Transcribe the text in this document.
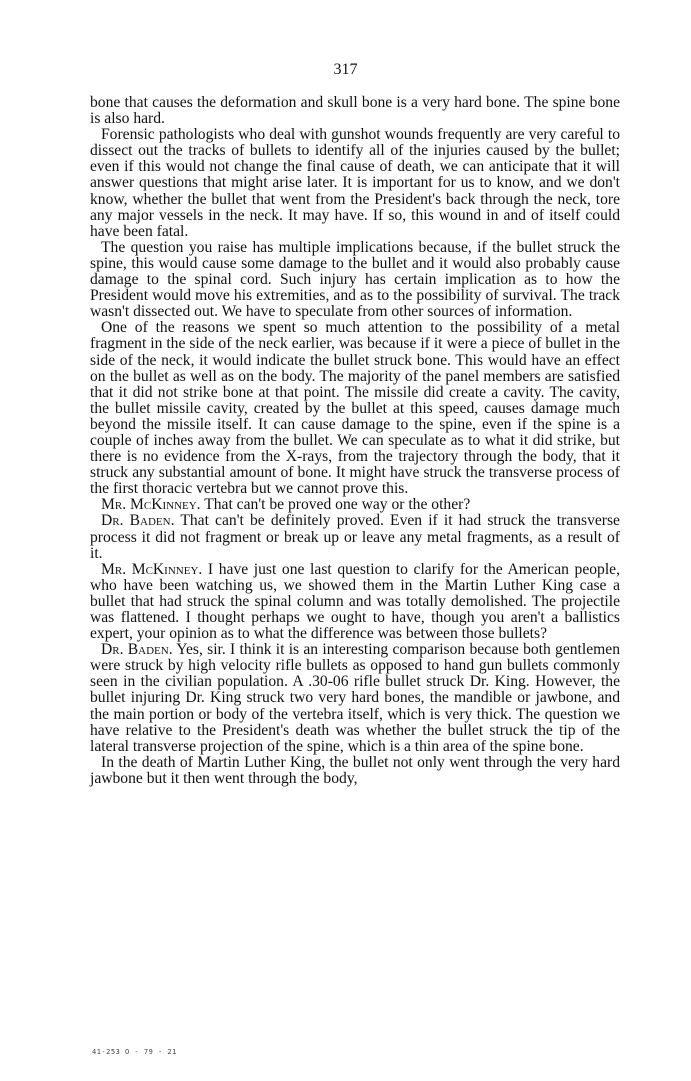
317

bone that causes the deformation and skull bone is a very hard bone. The spine bone is also hard.

Forensic pathologists who deal with gunshot wounds frequently are very careful to dissect out the tracks of bullets to identify all of the injuries caused by the bullet; even if this would not change the final cause of death, we can anticipate that it will answer questions that might arise later. It is important for us to know, and we don't know, whether the bullet that went from the President's back through the neck, tore any major vessels in the neck. It may have. If so, this wound in and of itself could have been fatal.

The question you raise has multiple implications because, if the bullet struck the spine, this would cause some damage to the bullet and it would also probably cause damage to the spinal cord. Such injury has certain implication as to how the President would move his extremities, and as to the possibility of survival. The track wasn't dissected out. We have to speculate from other sources of information.

One of the reasons we spent so much attention to the possibility of a metal fragment in the side of the neck earlier, was because if it were a piece of bullet in the side of the neck, it would indicate the bullet struck bone. This would have an effect on the bullet as well as on the body. The majority of the panel members are satisfied that it did not strike bone at that point. The missile did create a cavity. The cavity, the bullet missile cavity, created by the bullet at this speed, causes damage much beyond the missile itself. It can cause damage to the spine, even if the spine is a couple of inches away from the bullet. We can speculate as to what it did strike, but there is no evidence from the X-rays, from the trajectory through the body, that it struck any substantial amount of bone. It might have struck the transverse process of the first thoracic vertebra but we cannot prove this.

Mr. McKinney. That can't be proved one way or the other?

Dr. Baden. That can't be definitely proved. Even if it had struck the transverse process it did not fragment or break up or leave any metal fragments, as a result of it.

Mr. McKinney. I have just one last question to clarify for the American people, who have been watching us, we showed them in the Martin Luther King case a bullet that had struck the spinal column and was totally demolished. The projectile was flattened. I thought perhaps we ought to have, though you aren't a ballistics expert, your opinion as to what the difference was between those bullets?

Dr. Baden. Yes, sir. I think it is an interesting comparison because both gentlemen were struck by high velocity rifle bullets as opposed to hand gun bullets commonly seen in the civilian population. A .30-06 rifle bullet struck Dr. King. However, the bullet injuring Dr. King struck two very hard bones, the mandible or jawbone, and the main portion or body of the vertebra itself, which is very thick. The question we have relative to the President's death was whether the bullet struck the tip of the lateral transverse projection of the spine, which is a thin area of the spine bone.

In the death of Martin Luther King, the bullet not only went through the very hard jawbone but it then went through the body,

41-253 O - 79 - 21
